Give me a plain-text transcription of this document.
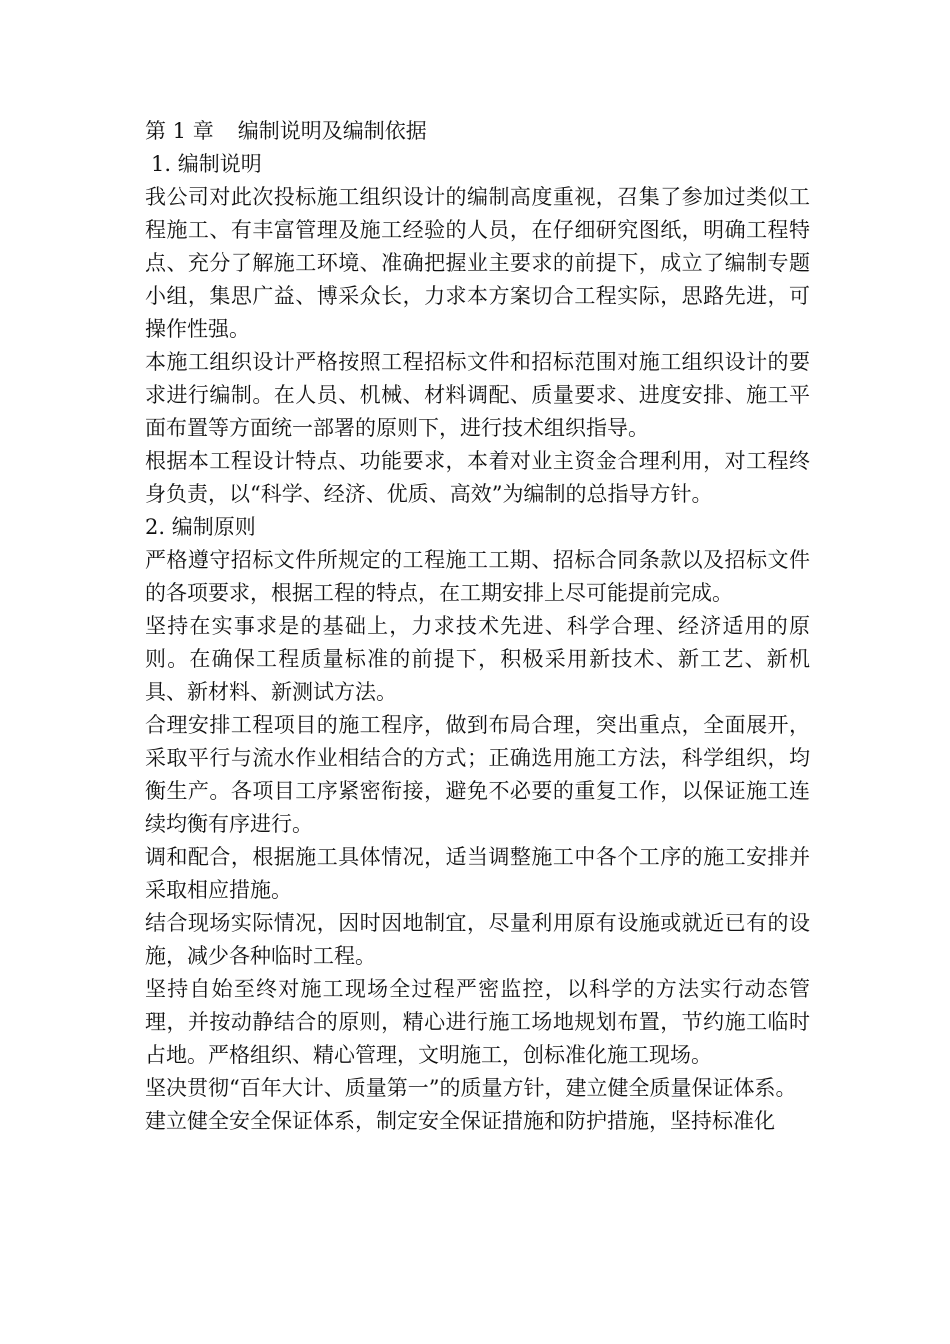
第 1 章 编制说明及编制依据
1. 编制说明

我公司对此次投标施工组织设计的编制高度重视，召集了参加过类似工程施工、有丰富管理及施工经验的人员，在仔细研究图纸，明确工程特点、充分了解施工环境、准确把握业主要求的前提下，成立了编制专题小组，集思广益、博采众长，力求本方案切合工程实际，思路先进，可操作性强。

本施工组织设计严格按照工程招标文件和招标范围对施工组织设计的要求进行编制。在人员、机械、材料调配、质量要求、进度安排、施工平面布置等方面统一部署的原则下，进行技术组织指导。

根据本工程设计特点、功能要求，本着对业主资金合理利用，对工程终身负责，以“科学、经济、优质、高效”为编制的总指导方针。

2. 编制原则

严格遵守招标文件所规定的工程施工工期、招标合同条款以及招标文件的各项要求，根据工程的特点，在工期安排上尽可能提前完成。

坚持在实事求是的基础上，力求技术先进、科学合理、经济适用的原则。在确保工程质量标准的前提下，积极采用新技术、新工艺、新机具、新材料、新测试方法。

合理安排工程项目的施工程序，做到布局合理，突出重点，全面展开，采取平行与流水作业相结合的方式；正确选用施工方法，科学组织，均衡生产。各项目工序紧密衔接，避免不必要的重复工作，以保证施工连续均衡有序进行。

调和配合，根据施工具体情况，适当调整施工中各个工序的施工安排并采取相应措施。

结合现场实际情况，因时因地制宜，尽量利用原有设施或就近已有的设施，减少各种临时工程。

坚持自始至终对施工现场全过程严密监控，以科学的方法实行动态管理，并按动静结合的原则，精心进行施工场地规划布置，节约施工临时占地。严格组织、精心管理，文明施工，创标准化施工现场。

坚决贯彻“百年大计、质量第一”的质量方针，建立健全质量保证体系。

建立健全安全保证体系，制定安全保证措施和防护措施，坚持标准化
